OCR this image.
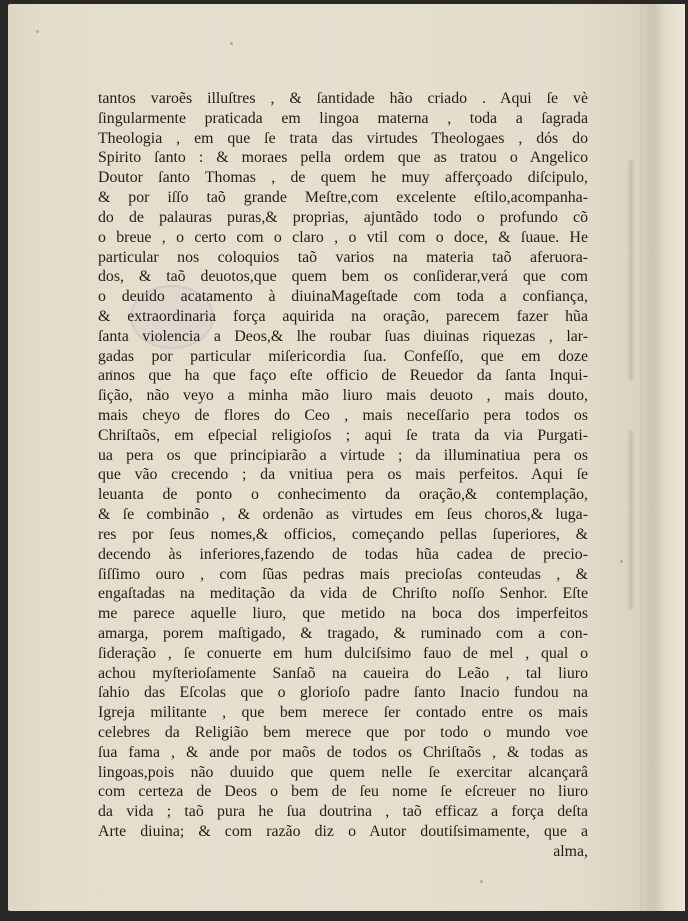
tantos varoẽs illuſtres , & ſantidade hão criado . Aqui ſe vè
ſingularmente praticada em lingoa materna , toda a ſagrada
Theologia , em que ſe trata das virtudes Theologaes , dós do
Spirito ſanto : & moraes pella ordem que as tratou o Angelico
Doutor ſanto Thomas , de quem he muy afferçoado diſcipulo,
& por iſſo taõ grande Meſtre,com excelente eſtilo,acompanha-
do de palauras puras,& proprias, ajuntãdo todo o profundo cõ
o breue , o certo com o claro , o vtil com o doce, & ſuaue. He
particular nos coloquios taõ varios na materia taõ aferuora-
dos, & taõ deuotos,que quem bem os conſiderar,verá que com
o deuido acatamento à diuinaMageſtade com toda a confiança,
& extraordinaria força aquirida na oração, parecem fazer hũa
ſanta violencia a Deos,& lhe roubar ſuas diuinas riquezas , lar-
gadas por particular miſericordia ſua. Confeſſo, que em doze
annos que ha que faço eſte officio de Reuedor da ſanta Inqui-
ſição, não veyo a minha mão liuro mais deuoto , mais douto,
mais cheyo de flores do Ceo , mais neceſſario pera todos os
Chriſtaõs, em eſpecial religioſos ; aqui ſe trata da via Purgati-
ua pera os que principiarão a virtude ; da illuminatiua pera os
que vão crecendo ; da vnitiua pera os mais perfeitos. Aqui ſe
leuanta de ponto o conhecimento da oração,& contemplação,
& ſe combinão , & ordenão as virtudes em ſeus choros,& luga-
res por ſeus nomes,& officios, começando pellas ſuperiores, &
decendo às inferiores,fazendo de todas hũa cadea de precio-
ſiſſimo ouro , com ſũas pedras mais precioſas conteudas , &
engaſtadas na meditação da vida de Chriſto noſſo Senhor. Eſte
me parece aquelle liuro, que metido na boca dos imperfeitos
amarga, porem maſtigado, & tragado, & ruminado com a con-
ſideração , ſe conuerte em hum dulciſsimo fauo de mel , qual o
achou myſterioſamente Sanſaõ na caueira do Leão , tal liuro
ſahio das Eſcolas que o glorioſo padre ſanto Inacio fundou na
Igreja militante , que bem merece ſer contado entre os mais
celebres da Religião bem merece que por todo o mundo voe
ſua fama , & ande por maõs de todos os Chriſtaõs , & todas as
lingoas,pois não duuido que quem nelle ſe exercitar alcançarâ
com certeza de Deos o bem de ſeu nome ſe eſcreuer no liuro
da vida ; taõ pura he ſua doutrina , taõ efficaz a força deſta
Arte diuina; & com razão diz o Autor doutiſsimamente, que a
alma,
